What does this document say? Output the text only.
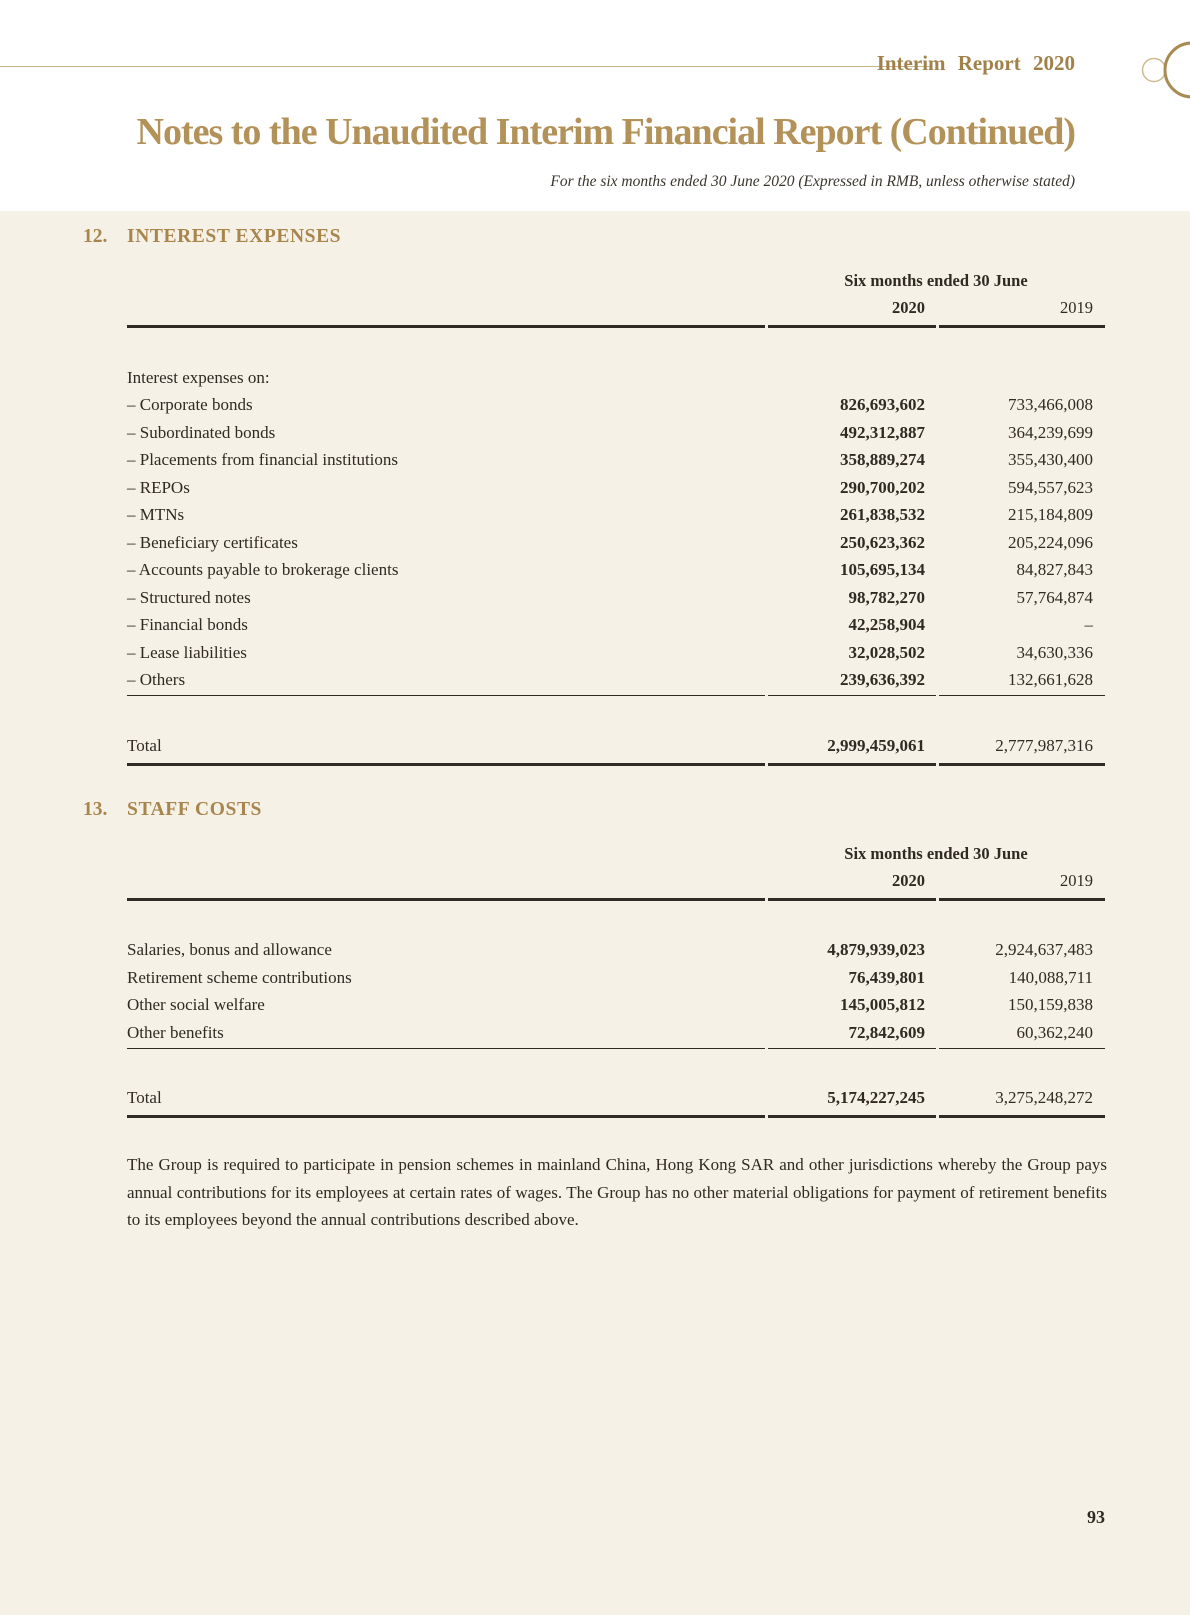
Interim Report 2020
Notes to the Unaudited Interim Financial Report (Continued)
For the six months ended 30 June 2020 (Expressed in RMB, unless otherwise stated)
12.	INTEREST EXPENSES
Six months ended 30 June
2020	2019
Interest expenses on:
– Corporate bonds	826,693,602	733,466,008
– Subordinated bonds	492,312,887	364,239,699
– Placements from financial institutions	358,889,274	355,430,400
– REPOs	290,700,202	594,557,623
– MTNs	261,838,532	215,184,809
– Beneficiary certificates	250,623,362	205,224,096
– Accounts payable to brokerage clients	105,695,134	84,827,843
– Structured notes	98,782,270	57,764,874
– Financial bonds	42,258,904	–
– Lease liabilities	32,028,502	34,630,336
– Others	239,636,392	132,661,628
Total	2,999,459,061	2,777,987,316
13.	STAFF COSTS
Six months ended 30 June
2020	2019
Salaries, bonus and allowance	4,879,939,023	2,924,637,483
Retirement scheme contributions	76,439,801	140,088,711
Other social welfare	145,005,812	150,159,838
Other benefits	72,842,609	60,362,240
Total	5,174,227,245	3,275,248,272

The Group is required to participate in pension schemes in mainland China, Hong Kong SAR and other jurisdictions whereby the Group pays annual contributions for its employees at certain rates of wages. The Group has no other material obligations for payment of retirement benefits to its employees beyond the annual contributions described above.

93
